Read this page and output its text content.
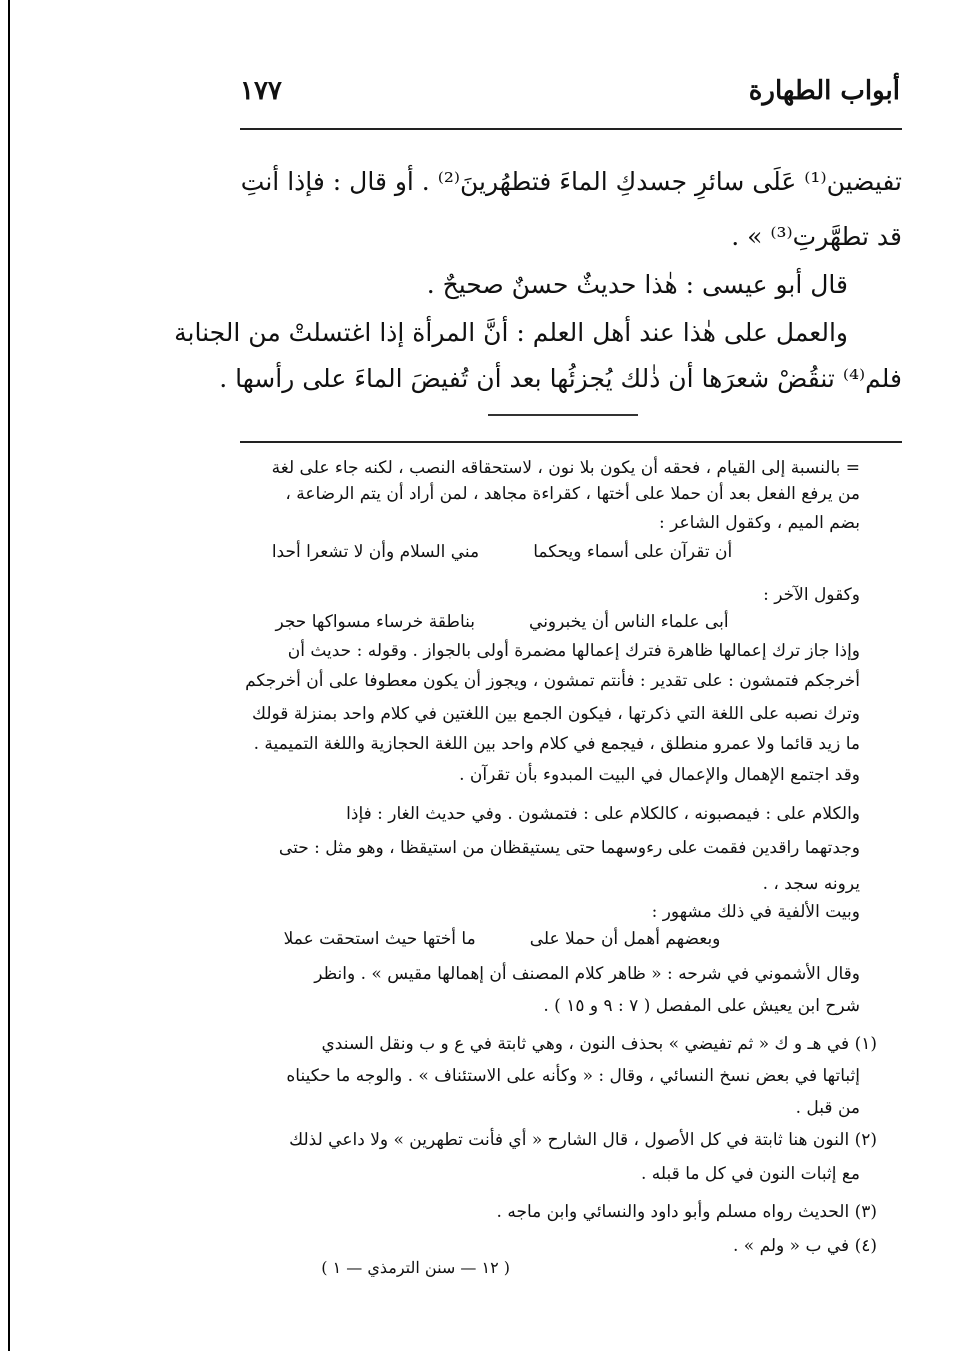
أبواب الطهارة
١٧٧
تفيضين⁽¹⁾ عَلَى سائرِ جسدكِ الماءَ فتطهُرينَ⁽²⁾ . أو قال : فإذا أنتِ
قد تطهَّرتِ⁽³⁾ » .
قال أبو عيسى : هٰذا حديثٌ حسنٌ صحيحٌ .
والعمل على هٰذا عند أهل العلم : أنَّ المرأة إذا اغتسلتْ من الجنابة
فلم⁽⁴⁾ تنقُضْ شعرَها أن ذٰلك يُجزئُها بعد أن تُفيضَ الماءَ على رأسها .
= بالنسبة إلى القيام ، فحقه أن يكون بلا نون ، لاستحقاقه النصب ، لكنه جاء على لغة
من يرفع الفعل بعد أن حملا على أختها ، كقراءة مجاهد ، لمن أراد أن يتم الرضاعة ،
بضم الميم ، وكقول الشاعر :
أن تقرآن على أسماء ويحكما          مني السلام وأن لا تشعرا أحدا
وكقول الآخر :
أبى علماء الناس أن يخبروني          بناطقة خرساء مسواكها حجر
وإذا جاز ترك إعمالها ظاهرة فترك إعمالها مضمرة أولى بالجواز . وقوله : حديث أن
أخرجكم فتمشون : على تقدير : فأنتم تمشون ، ويجوز أن يكون معطوفا على أن أخرجكم
وترك نصبه على اللغة التي ذكرتها ، فيكون الجمع بين اللغتين في كلام واحد بمنزلة قولك
ما زيد قائما ولا عمرو منطلق ، فيجمع في كلام واحد بين اللغة الحجازية واللغة التميمية .
وقد اجتمع الإهمال والإعمال في البيت المبدوء بأن تقرآن .
والكلام على : فيمصبونه ، كالكلام على : فتمشون . وفي حديث الغار : فإذا
وجدتهما راقدين فقمت على رءوسهما حتى يستيقظان من استيقظا ، وهو مثل : حتى
يرونه سجد ، .
وبيت الألفية في ذلك مشهور :
وبعضهم أهمل أن حملا على          ما أختها حيث استحقت عملا
وقال الأشموني في شرحه : « ظاهر كلام المصنف أن إهمالها مقيس » . وانظر
شرح ابن يعيش على المفصل ( ٧ : ٩ و ١٥ ) .
(١) في هـ و ك « ثم تفيضي » بحذف النون ، وهي ثابتة في ع و ب ونقل السندي
إثباتها في بعض نسخ النسائي ، وقال : « وكأنه على الاستئناف » . والوجه ما حكيناه
من قبل .
(٢) النون هنا ثابتة في كل الأصول ، قال الشارح « أي فأنت تطهرين » ولا داعي لذلك
مع إثبات النون في كل ما قبله .
(٣) الحديث رواه مسلم وأبو داود والنسائي وابن ماجه .
(٤) في ب « ولم » .
( ١٢ — سنن الترمذي — ١ )
